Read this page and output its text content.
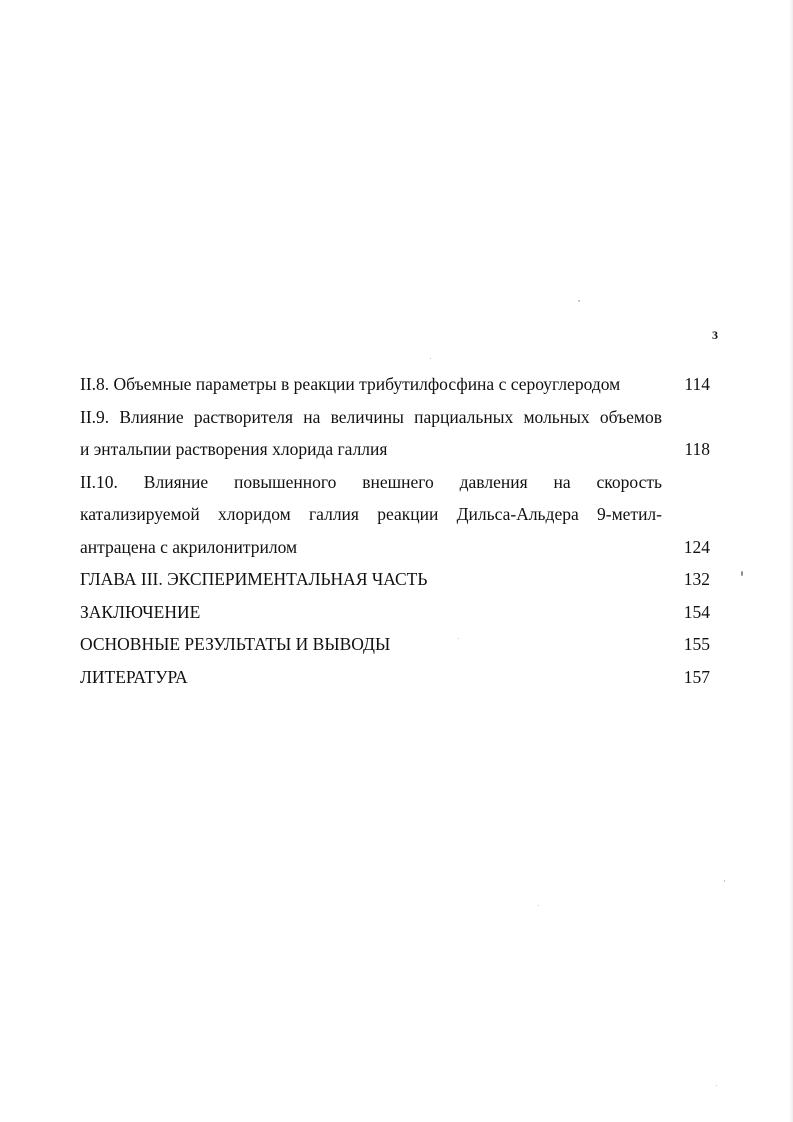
3
II.8. Объемные параметры в реакции трибутилфосфина с сероуглеродом	114
II.9. Влияние растворителя на величины парциальных мольных объемов
и энтальпии растворения хлорида галлия	118
II.10. Влияние повышенного внешнего давления на скорость
катализируемой хлоридом галлия реакции Дильса-Альдера 9-метил-
антрацена с акрилонитрилом	124
ГЛАВА III. ЭКСПЕРИМЕНТАЛЬНАЯ ЧАСТЬ	132
ЗАКЛЮЧЕНИЕ	154
ОСНОВНЫЕ РЕЗУЛЬТАТЫ И ВЫВОДЫ	155
ЛИТЕРАТУРА	157
